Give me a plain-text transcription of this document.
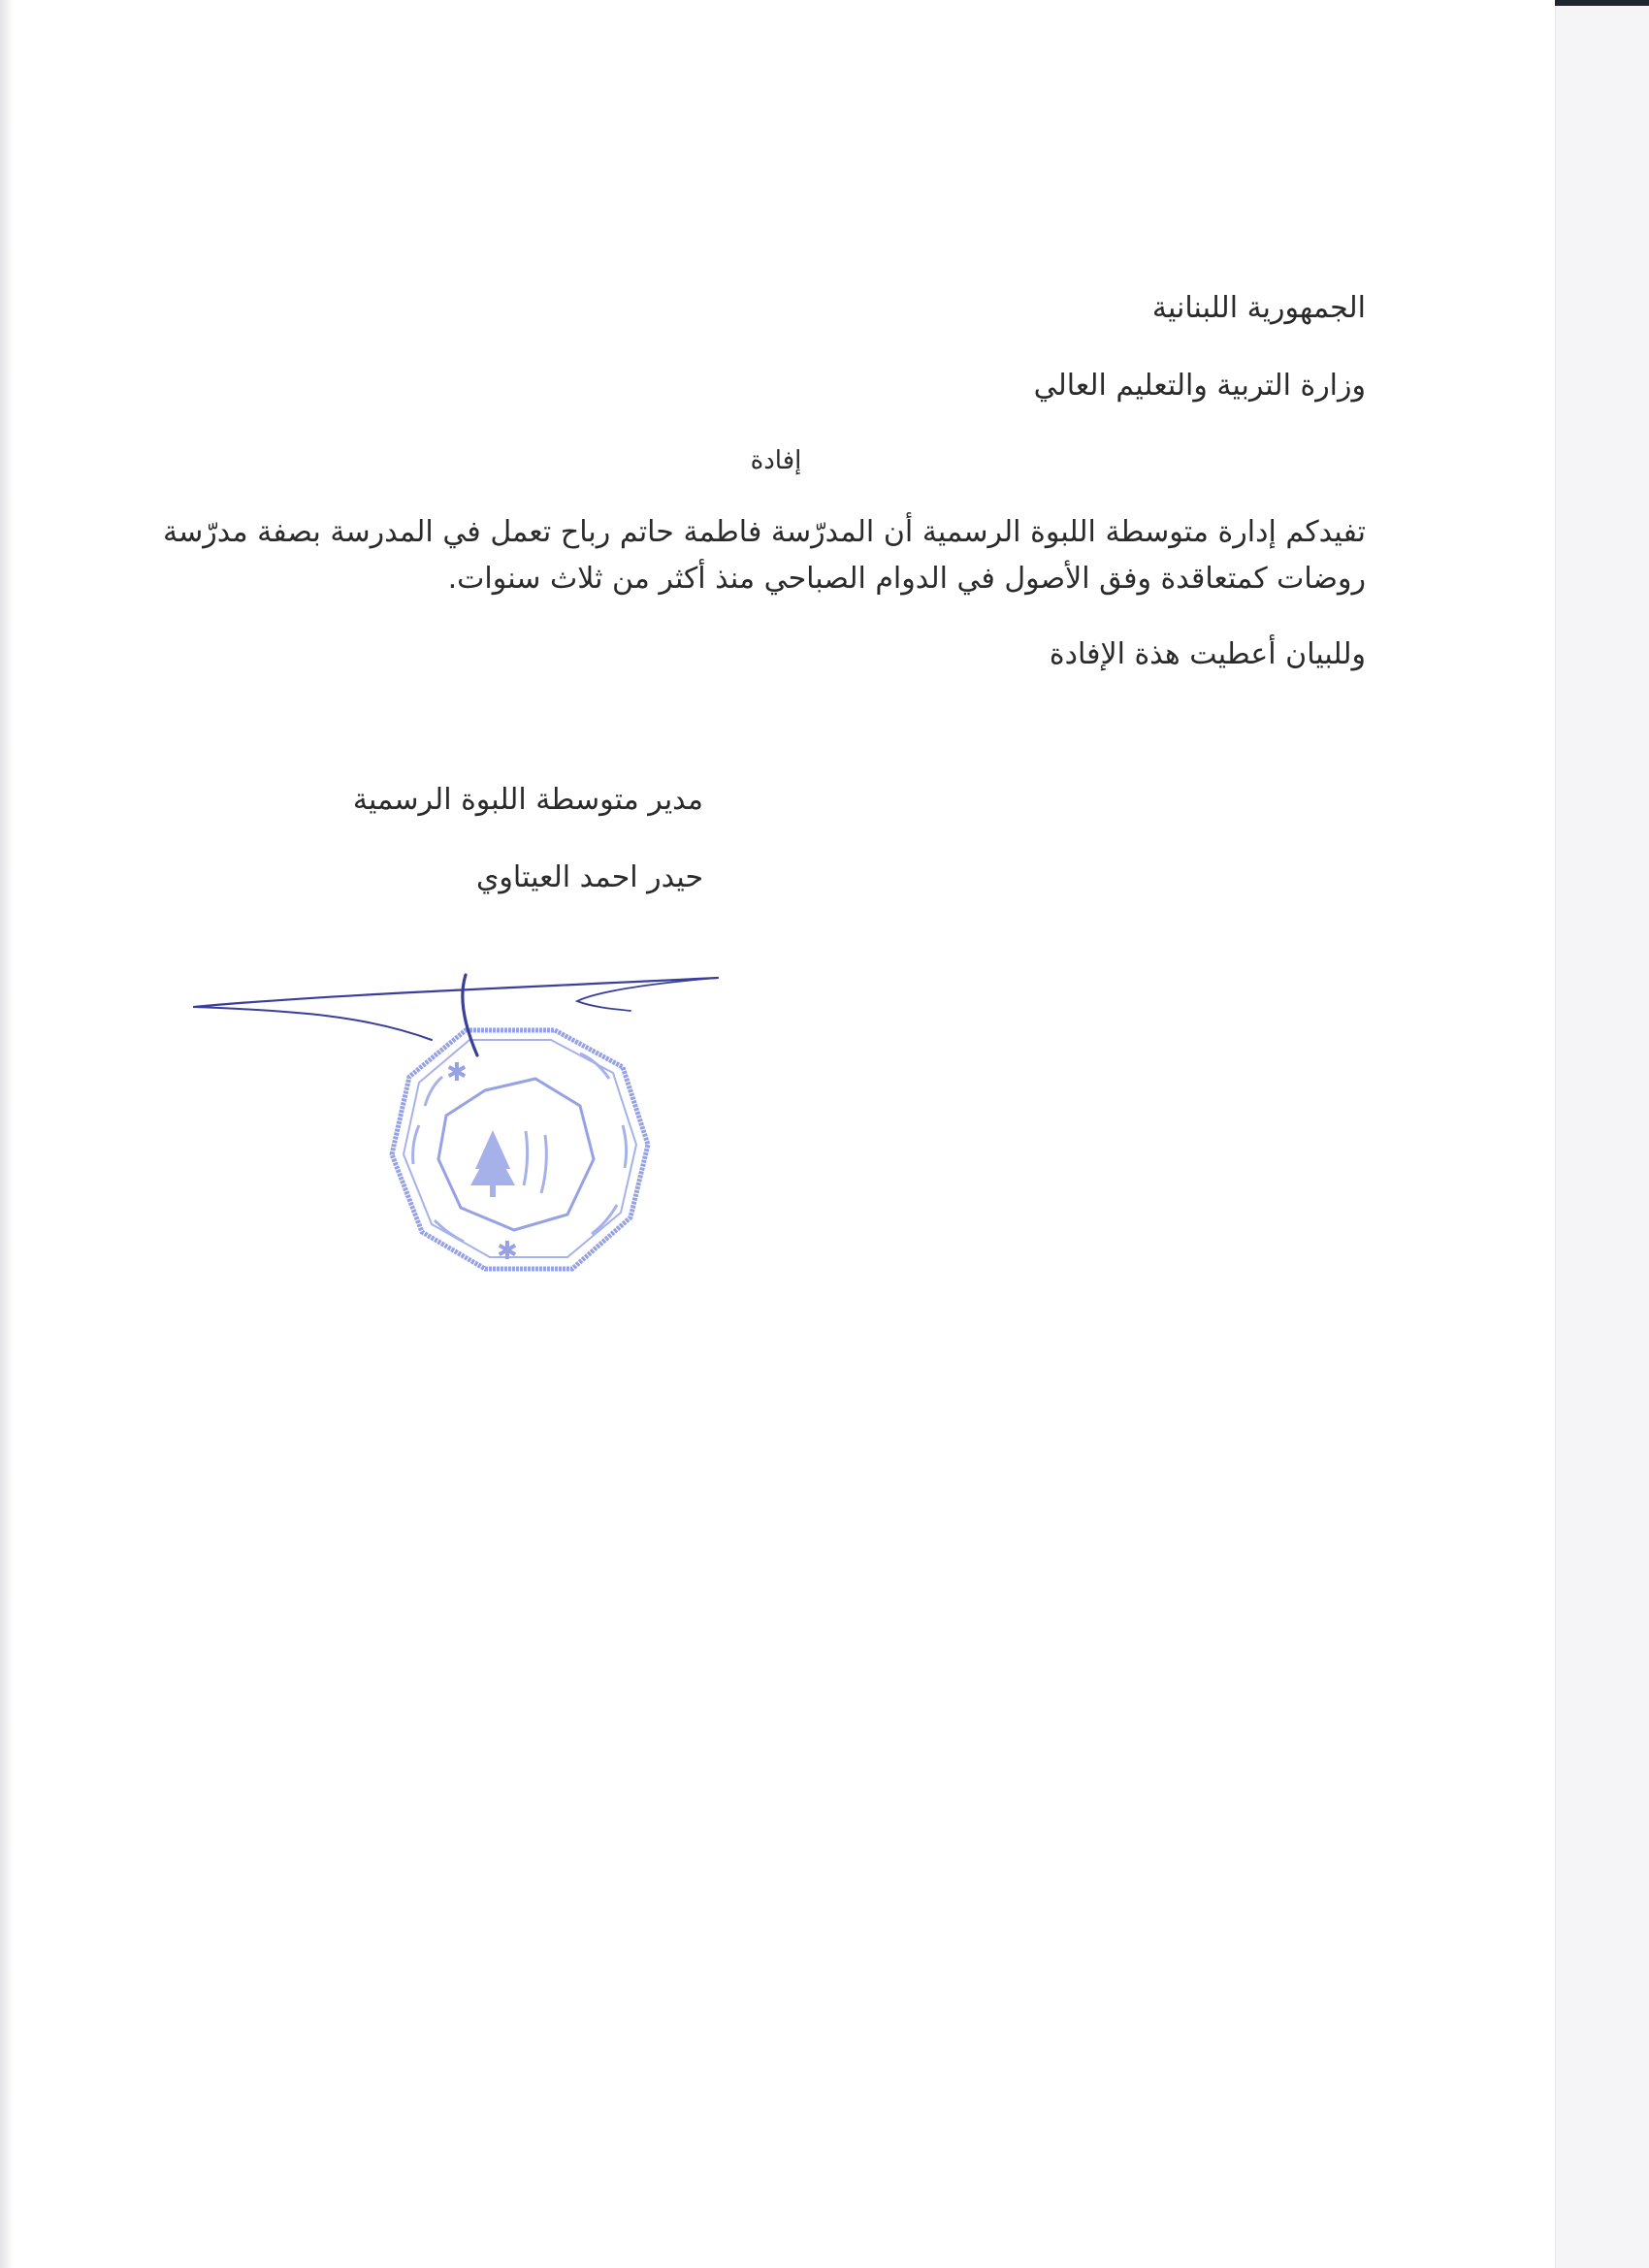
الجمهورية اللبنانية
وزارة التربية والتعليم العالي
إفادة
تفيدكم إدارة متوسطة اللبوة الرسمية أن المدرّسة فاطمة حاتم رباح تعمل في المدرسة بصفة مدرّسة روضات كمتعاقدة وفق الأصول في الدوام الصباحي منذ أكثر من ثلاث سنوات.
وللبيان أعطيت هذة الإفادة
مدير متوسطة اللبوة الرسمية
حيدر احمد العيتاوي
✱
✱
